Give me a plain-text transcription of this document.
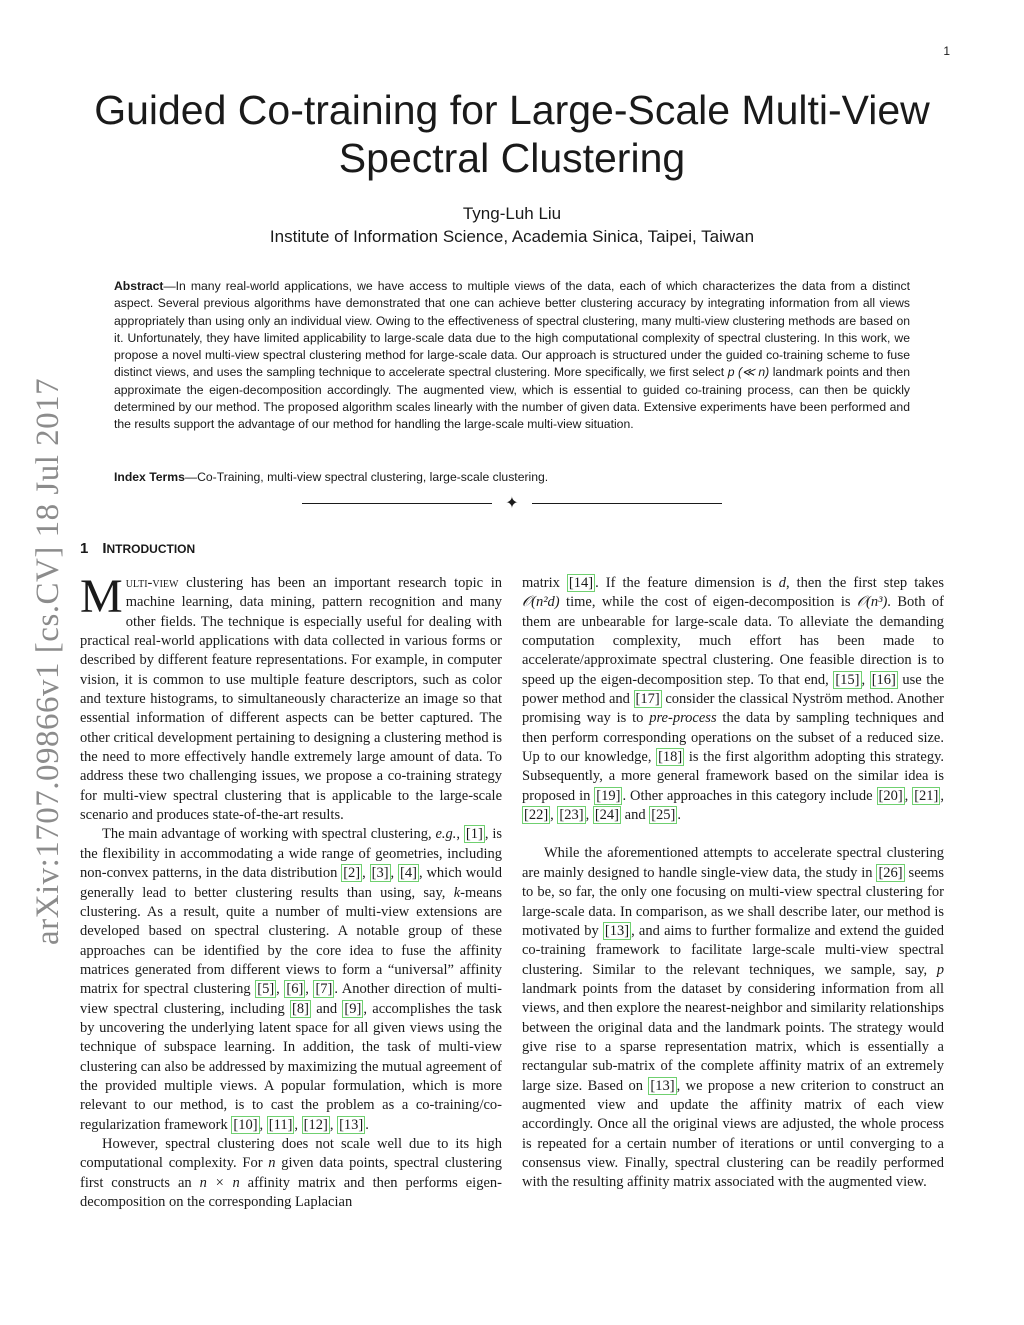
1
arXiv:1707.09866v1 [cs.CV] 18 Jul 2017
Guided Co-training for Large-Scale Multi-View Spectral Clustering
Tyng-Luh Liu
Institute of Information Science, Academia Sinica, Taipei, Taiwan

Abstract—In many real-world applications, we have access to multiple views of the data, each of which characterizes the data from a distinct aspect. Several previous algorithms have demonstrated that one can achieve better clustering accuracy by integrating information from all views appropriately than using only an individual view. Owing to the effectiveness of spectral clustering, many multi-view clustering methods are based on it. Unfortunately, they have limited applicability to large-scale data due to the high computational complexity of spectral clustering. In this work, we propose a novel multi-view spectral clustering method for large-scale data. Our approach is structured under the guided co-training scheme to fuse distinct views, and uses the sampling technique to accelerate spectral clustering. More specifically, we first select p (≪ n) landmark points and then approximate the eigen-decomposition accordingly. The augmented view, which is essential to guided co-training process, can then be quickly determined by our method. The proposed algorithm scales linearly with the number of given data. Extensive experiments have been performed and the results support the advantage of our method for handling the large-scale multi-view situation.

Index Terms—Co-Training, multi-view spectral clustering, large-scale clustering.

✦
1 INTRODUCTION

Multi-view clustering has been an important research topic in machine learning, data mining, pattern recognition and many other fields. The technique is especially useful for dealing with practical real-world applications with data collected in various forms or described by different feature representations. For example, in computer vision, it is common to use multiple feature descriptors, such as color and texture histograms, to simultaneously characterize an image so that essential information of different aspects can be better captured. The other critical development pertaining to designing a clustering method is the need to more effectively handle extremely large amount of data. To address these two challenging issues, we propose a co-training strategy for multi-view spectral clustering that is applicable to the large-scale scenario and produces state-of-the-art results.

The main advantage of working with spectral clustering, e.g., [1] , is the flexibility in accommodating a wide range of geometries, including non-convex patterns, in the data distribution [2] , [3] , [4] , which would generally lead to better clustering results than using, say, k-means clustering. As a result, quite a number of multi-view extensions are developed based on spectral clustering. A notable group of these approaches can be identified by the core idea to fuse the affinity matrices generated from different views to form a “universal” affinity matrix for spectral clustering [5] , [6] , [7] . Another direction of multi-view spectral clustering, including [8] and [9] , accomplishes the task by uncovering the underlying latent space for all given views using the technique of subspace learning. In addition, the task of multi-view clustering can also be addressed by maximizing the mutual agreement of the provided multiple views. A popular formulation, which is more relevant to our method, is to cast the problem as a co-training/co-regularization framework [10] , [11] , [12] , [13] .

However, spectral clustering does not scale well due to its high computational complexity. For n given data points, spectral clustering first constructs an n × n affinity matrix and then performs eigen-decomposition on the corresponding Laplacian

matrix [14] . If the feature dimension is d, then the first step takes 𝒪(n²d) time, while the cost of eigen-decomposition is 𝒪(n³). Both of them are unbearable for large-scale data. To alleviate the demanding computation complexity, much effort has been made to accelerate/approximate spectral clustering. One feasible direction is to speed up the eigen-decomposition step. To that end, [15] , [16] use the power method and [17] consider the classical Nyström method. Another promising way is to pre-process the data by sampling techniques and then perform corresponding operations on the subset of a reduced size. Up to our knowledge, [18] is the first algorithm adopting this strategy. Subsequently, a more general framework based on the similar idea is proposed in [19] . Other approaches in this category include [20] , [21] , [22] , [23] , [24] and [25] .

While the aforementioned attempts to accelerate spectral clustering are mainly designed to handle single-view data, the study in [26] seems to be, so far, the only one focusing on multi-view spectral clustering for large-scale data. In comparison, as we shall describe later, our method is motivated by [13] , and aims to further formalize and extend the guided co-training framework to facilitate large-scale multi-view spectral clustering. Similar to the relevant techniques, we sample, say, p landmark points from the dataset by considering information from all views, and then explore the nearest-neighbor and similarity relationships between the original data and the landmark points. The strategy would give rise to a sparse representation matrix, which is essentially a rectangular sub-matrix of the complete affinity matrix of an extremely large size. Based on [13] , we propose a new criterion to construct an augmented view and update the affinity matrix of each view accordingly. Once all the original views are adjusted, the whole process is repeated for a certain number of iterations or until converging to a consensus view. Finally, spectral clustering can be readily performed with the resulting affinity matrix associated with the augmented view.
